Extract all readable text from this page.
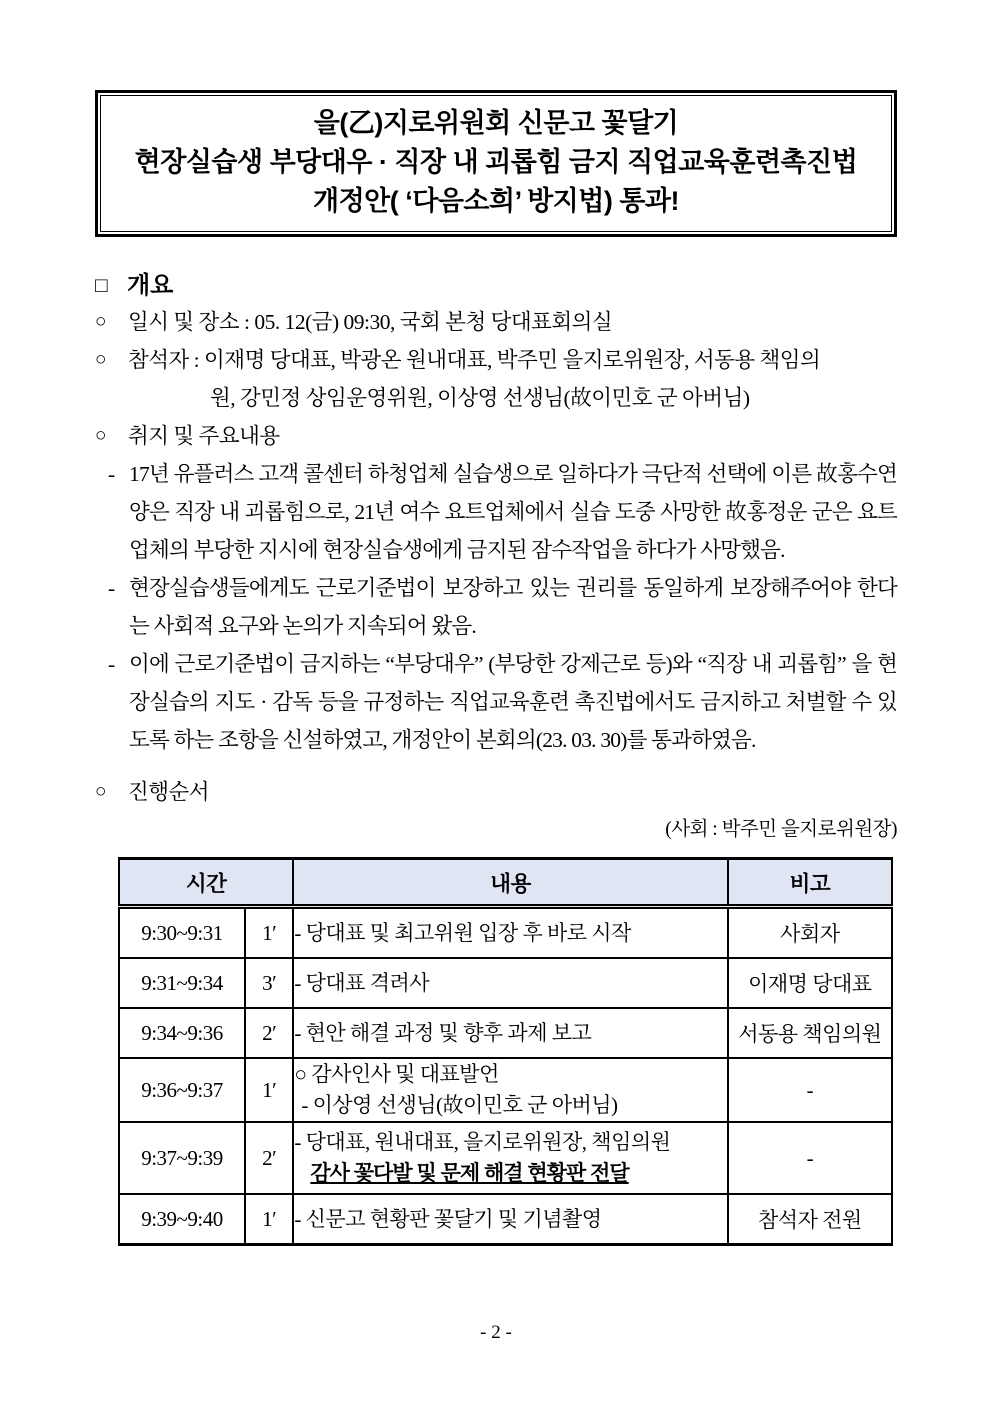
을(乙)지로위원회 신문고 꽃달기
현장실습생 부당대우 · 직장 내 괴롭힘 금지 직업교육훈련촉진법
개정안( ‘다음소희’ 방지법) 통과!
□ 개요
○	일시 및 장소 : 05. 12(금) 09:30, 국회 본청 당대표회의실
○	참석자 : 이재명 당대표, 박광온 원내대표, 박주민 을지로위원장, 서동용 책임의
원, 강민정 상임운영위원, 이상영 선생님(故이민호 군 아버님)
○	취지 및 주요내용
- 17년 유플러스 고객 콜센터 하청업체 실습생으로 일하다가 극단적 선택에 이른 故홍수연 양은 직장 내 괴롭힘으로, 21년 여수 요트업체에서 실습 도중 사망한 故홍정운 군은 요트업체의 부당한 지시에 현장실습생에게 금지된 잠수작업을 하다가 사망했음.
- 현장실습생들에게도 근로기준법이 보장하고 있는 권리를 동일하게 보장해주어야 한다는 사회적 요구와 논의가 지속되어 왔음.
- 이에 근로기준법이 금지하는 “부당대우” (부당한 강제근로 등)와 “직장 내 괴롭힘” 을 현장실습의 지도 · 감독 등을 규정하는 직업교육훈련 촉진법에서도 금지하고 처벌할 수 있도록 하는 조항을 신설하였고, 개정안이 본회의(23. 03. 30)를 통과하였음.
○	진행순서
(사회 : 박주민 을지로위원장)
시간		내용	비고
9:30~9:31	1′	- 당대표 및 최고위원 입장 후 바로 시작	사회자
9:31~9:34	3′	- 당대표 격려사	이재명 당대표
9:34~9:36	2′	- 현안 해결 과정 및 향후 과제 보고	서동용 책임의원
9:36~9:37	1′	○ 감사인사 및 대표발언
- 이상영 선생님(故이민호 군 아버님)	-
9:37~9:39	2′	- 당대표, 원내대표, 을지로위원장, 책임의원
감사 꽃다발 및 문제 해결 현황판 전달	-
9:39~9:40	1′	- 신문고 현황판 꽃달기 및 기념촬영	참석자 전원
- 2 -
